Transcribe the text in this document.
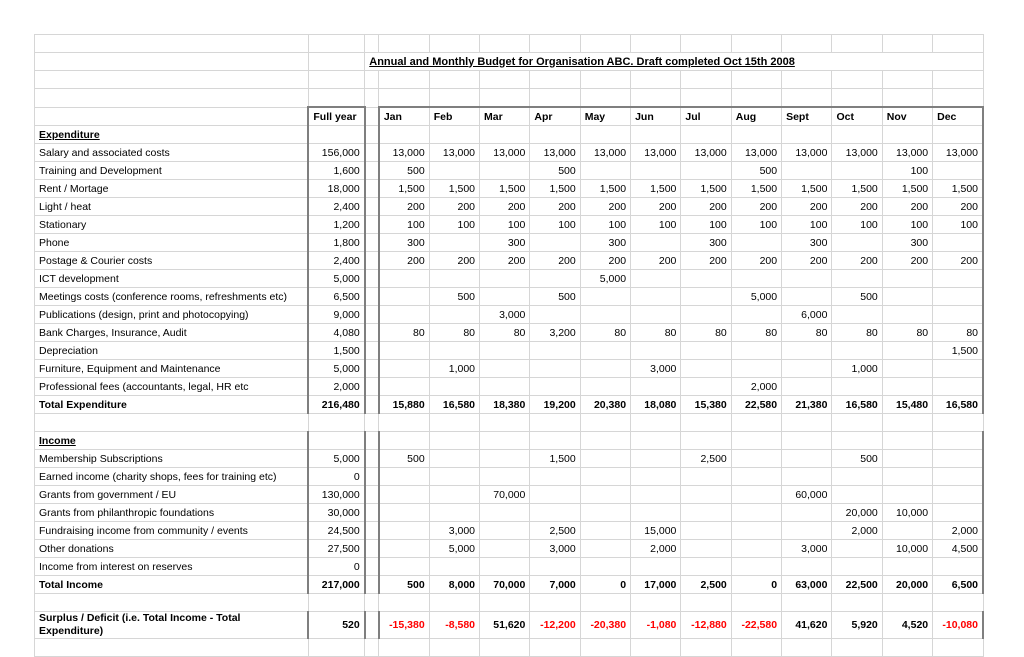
		Annual and Monthly Budget for Organisation ABC. Draft completed Oct 15th 2008												

	Full year		Jan	Feb	Mar	Apr	May	Jun	Jul	Aug	Sept	Oct	Nov	Dec
Expenditure														
Salary and associated costs	156,000		13,000	13,000	13,000	13,000	13,000	13,000	13,000	13,000	13,000	13,000	13,000	13,000
Training and Development	1,600		500			500				500			100	
Rent / Mortage	18,000		1,500	1,500	1,500	1,500	1,500	1,500	1,500	1,500	1,500	1,500	1,500	1,500
Light / heat	2,400		200	200	200	200	200	200	200	200	200	200	200	200
Stationary	1,200		100	100	100	100	100	100	100	100	100	100	100	100
Phone	1,800		300		300		300		300		300		300	
Postage & Courier costs	2,400		200	200	200	200	200	200	200	200	200	200	200	200
ICT development	5,000						5,000							
Meetings costs (conference rooms, refreshments etc)	6,500			500		500				5,000		500		
Publications (design, print and photocopying)	9,000				3,000						6,000			
Bank Charges, Insurance, Audit	4,080		80	80	80	3,200	80	80	80	80	80	80	80	80
Depreciation	1,500													1,500
Furniture, Equipment and Maintenance	5,000			1,000				3,000				1,000		
Professional fees (accountants, legal, HR etc	2,000									2,000				
Total Expenditure	216,480		15,880	16,580	18,380	19,200	20,380	18,080	15,380	22,580	21,380	16,580	15,480	16,580

Income														
Membership Subscriptions	5,000		500			1,500			2,500			500		
Earned income (charity shops, fees for training etc)	0													
Grants from government / EU	130,000				70,000						60,000			
Grants from philanthropic foundations	30,000											20,000	10,000	
Fundraising income from community / events	24,500			3,000		2,500		15,000				2,000		2,000
Other donations	27,500			5,000		3,000		2,000			3,000		10,000	4,500
Income from interest on reserves	0													
Total Income	217,000		500	8,000	70,000	7,000	0	17,000	2,500	0	63,000	22,500	20,000	6,500

Surplus / Deficit (i.e. Total Income - Total Expenditure)	520		-15,380	-8,580	51,620	-12,200	-20,380	-1,080	-12,880	-22,580	41,620	5,920	4,520	-10,080
